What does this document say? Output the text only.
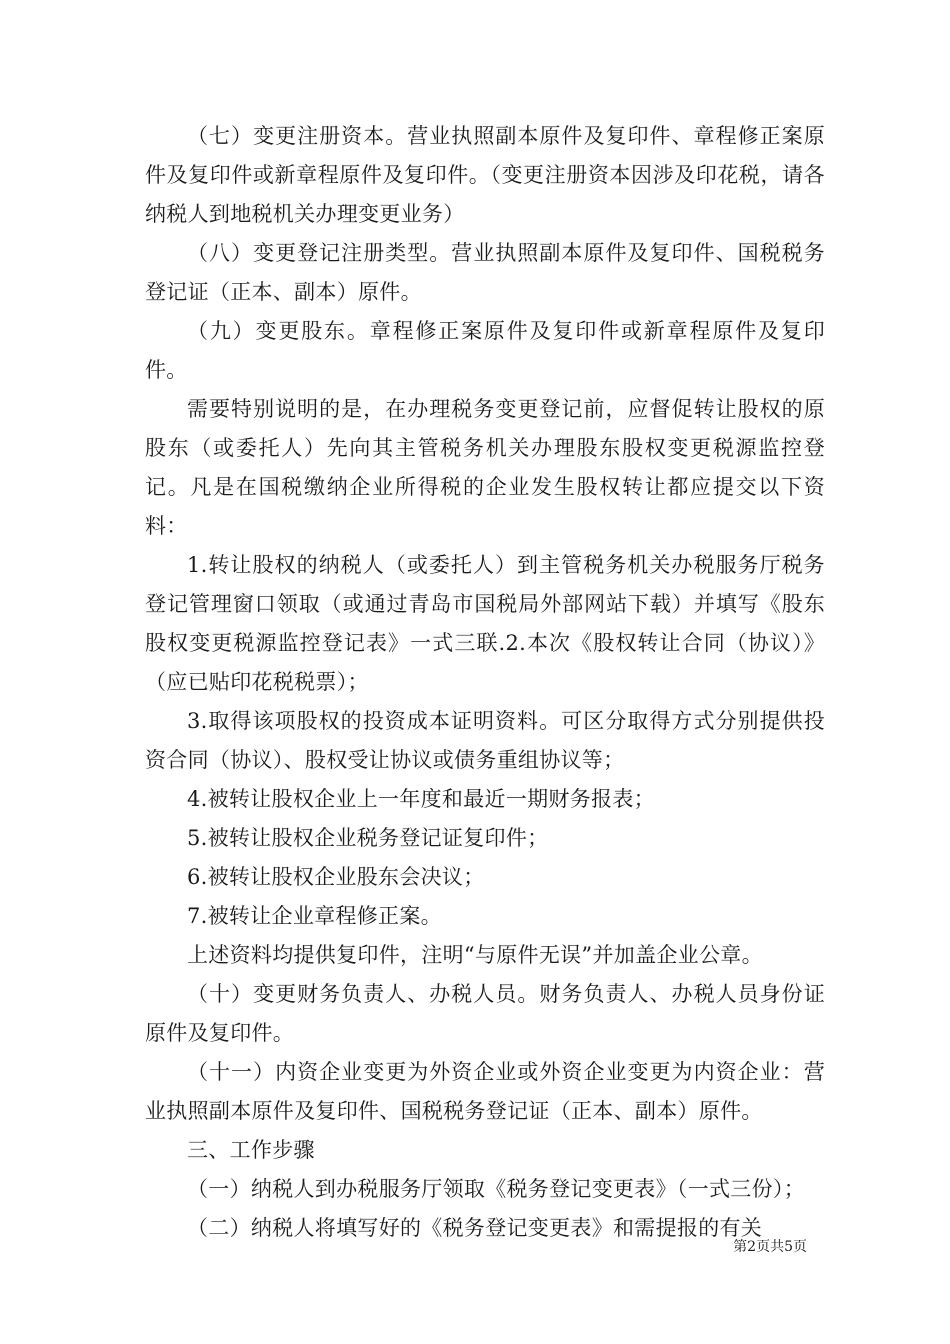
（七）变更注册资本。营业执照副本原件及复印件、章程修正案原件及复印件或新章程原件及复印件。（变更注册资本因涉及印花税，请各纳税人到地税机关办理变更业务）

（八）变更登记注册类型。营业执照副本原件及复印件、国税税务登记证（正本、副本）原件。

（九）变更股东。章程修正案原件及复印件或新章程原件及复印件。

需要特别说明的是，在办理税务变更登记前，应督促转让股权的原股东（或委托人）先向其主管税务机关办理股东股权变更税源监控登记。凡是在国税缴纳企业所得税的企业发生股权转让都应提交以下资料：

1.转让股权的纳税人（或委托人）到主管税务机关办税服务厅税务登记管理窗口领取（或通过青岛市国税局外部网站下载）并填写《股东股权变更税源监控登记表》一式三联.2.本次《股权转让合同（协议）》（应已贴印花税税票）；

3.取得该项股权的投资成本证明资料。可区分取得方式分别提供投资合同（协议）、股权受让协议或债务重组协议等；

4.被转让股权企业上一年度和最近一期财务报表；

5.被转让股权企业税务登记证复印件；

6.被转让股权企业股东会决议；

7.被转让企业章程修正案。

上述资料均提供复印件，注明“与原件无误”并加盖企业公章。

（十）变更财务负责人、办税人员。财务负责人、办税人员身份证原件及复印件。

（十一）内资企业变更为外资企业或外资企业变更为内资企业：营业执照副本原件及复印件、国税税务登记证（正本、副本）原件。

三、工作步骤

（一）纳税人到办税服务厅领取《税务登记变更表》（一式三份）；

（二）纳税人将填写好的《税务登记变更表》和需提报的有关

第2页共5页
